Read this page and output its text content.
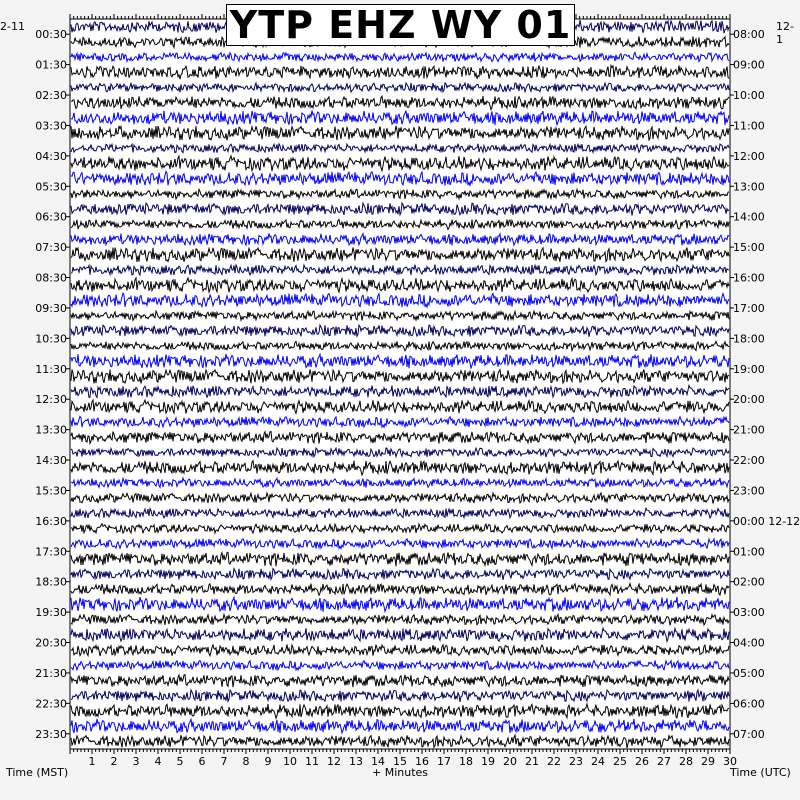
1 2 3 4 5 6 7 8 9 10 11 12 13 14 15 16 17 18 19 20 21 22 23 24 25 26 27 28 29 30
00:30
01:30
02:30
03:30
04:30
05:30
06:30
07:30
08:30
09:30
10:30
11:30
12:30
13:30
14:30
15:30
16:30
17:30
18:30
19:30
20:30
21:30
22:30
23:30
08:00
09:00
10:00
11:00
12:00
13:00
14:00
15:00
16:00
17:00
18:00
19:00
20:00
21:00
22:00
23:00
00:00 12-12
01:00
02:00
03:00
04:00
05:00
06:00
07:00
YTP EHZ WY 01
2-11	12-1
Time (MST)	+ Minutes	Time (UTC)
